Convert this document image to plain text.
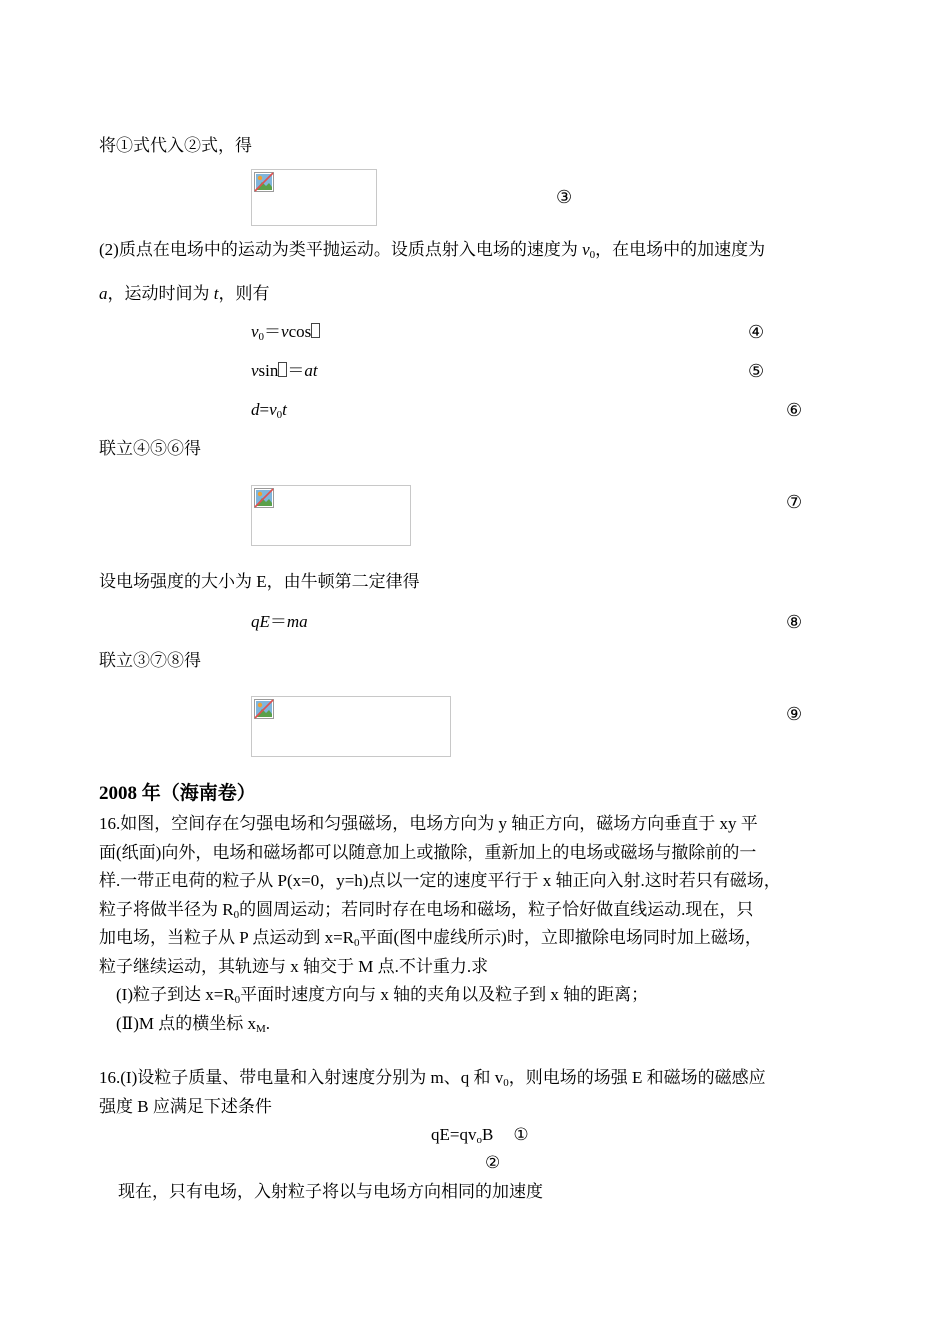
将①式代入②式，得
③
(2)质点在电场中的运动为类平抛运动。设质点射入电场的速度为 $v_0$，在电场中的加速度为
a，运动时间为 t，则有
$v_0=vcos$	④
vsin ＝at	⑤
$d=v_0t$	⑥
联立④⑤⑥得
⑦
设电场强度的大小为 E，由牛顿第二定律得
qE＝ma	⑧
联立③⑦⑧得
⑨
2008 年（海南卷）
16.如图，空间存在匀强电场和匀强磁场，电场方向为 y 轴正方向，磁场方向垂直于 xy 平
面(纸面)向外，电场和磁场都可以随意加上或撤除，重新加上的电场或磁场与撤除前的一
样.一带正电荷的粒子从 P(x=0，y=h)点以一定的速度平行于 x 轴正向入射.这时若只有磁场，
粒子将做半径为 $R_0$的圆周运动；若同时存在电场和磁场，粒子恰好做直线运动.现在，只
加电场，当粒子从 P 点运动到 $x=R_0$平面(图中虚线所示)时，立即撤除电场同时加上磁场，
粒子继续运动，其轨迹与 x 轴交于 M 点.不计重力.求
(I)粒子到达 $x=R_0$平面时速度方向与 x 轴的夹角以及粒子到 x 轴的距离；
(Ⅱ)M 点的横坐标 $x_M$.
16.(I)设粒子质量、带电量和入射速度分别为 m、q 和 $v_0$，则电场的场强 E 和磁场的磁感应
强度 B 应满足下述条件
$qE=qv_oB$ ①
②
现在，只有电场，入射粒子将以与电场方向相同的加速度
